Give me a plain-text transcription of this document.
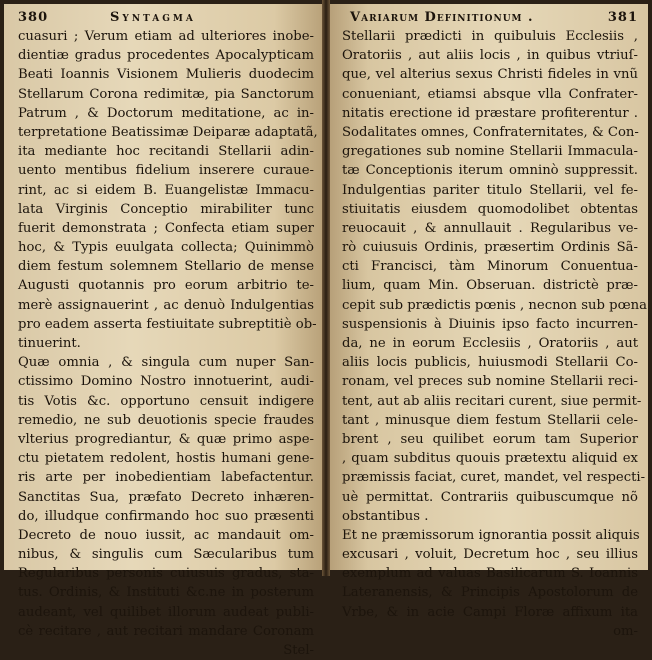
380	Syntagma
cuasuri ; Verum etiam ad ulteriores inobe-
dientiæ gradus procedentes Apocalypticam
Beati Ioannis Visionem Mulieris duodecim
Stellarum Corona redimitæ, pia Sanctorum
Patrum , & Doctorum meditatione, ac in-
terpretatione Beatissimæ Deiparæ adaptatã,
ita mediante hoc recitandi Stellarii adin-
uento mentibus fidelium inserere curaue-
rint, ac si eidem B. Euangelistæ Immacu-
lata Virginis Conceptio mirabiliter tunc
fuerit demonstrata ; Confecta etiam super
hoc, & Typis euulgata collecta; Quinimmò
diem festum solemnem Stellario de mense
Augusti quotannis pro eorum arbitrio te-
merè assignauerint , ac denuò Indulgentias
pro eadem asserta festiuitate subreptitiè ob-
tinuerint.
Quæ omnia , & singula cum nuper San-
ctissimo Domino Nostro innotuerint, audi-
tis Votis &c. opportuno censuit indigere
remedio, ne sub deuotionis specie fraudes
vlterius progrediantur, & quæ primo aspe-
ctu pietatem redolent, hostis humani gene-
ris arte per inobedientiam labefactentur.
Sanctitas Sua, præfato Decreto inhæren-
do, illudque confirmando hoc suo præsenti
Decreto de nouo iussit, ac mandauit om-
nibus, & singulis cum Sæcularibus tum
Regularibus personis cuiusuis gradus, sta-
tus. Ordinis, & Instituti &c.ne in posterum
audeant, vel quilibet illorum audeat publi-
cè recitare , aut recitari mandare Coronam
Stel-
Variarum Definitionum .	381
Stellarii prædicti in quibuluis Ecclesiis ,
Oratoriis , aut aliis locis , in quibus vtriuſ-
que, vel alterius sexus Christi fideles in vnũ
conueniant, etiamsi absque vlla Confrater-
nitatis erectione id præstare profiterentur .
Sodalitates omnes, Confraternitates, & Con-
gregationes sub nomine Stellarii Immacula-
tæ Conceptionis iterum omninò suppressit.
Indulgentias pariter titulo Stellarii, vel fe-
stiuitatis eiusdem quomodolibet obtentas
reuocauit , & annullauit . Regularibus ve-
rò cuiusuis Ordinis, præsertim Ordinis Sã-
cti Francisci, tàm Minorum Conuentua-
lium, quam Min. Obseruan. districtè præ-
cepit sub prædictis pœnis , necnon sub pœna
suspensionis à Diuinis ipso facto incurren-
da, ne in eorum Ecclesiis , Oratoriis , aut
aliis locis publicis, huiusmodi Stellarii Co-
ronam, vel preces sub nomine Stellarii reci-
tent, aut ab aliis recitari curent, siue permit-
tant , minusque diem festum Stellarii cele-
brent , seu quilibet eorum tam Superior
, quam subditus quouis prætextu aliquid ex
præmissis faciat, curet, mandet, vel respecti-
uè permittat. Contrariis quibuscumque nõ
obstantibus .
Et ne præmissorum ignorantia possit aliquis
excusari , voluit, Decretum hoc , seu illius
exemplum ad valuas Basilicarum S. Ioannis
Lateranensis, & Principis Apostolorum de
Vrbe, & in acie Campi Floræ affixum ita
om-
